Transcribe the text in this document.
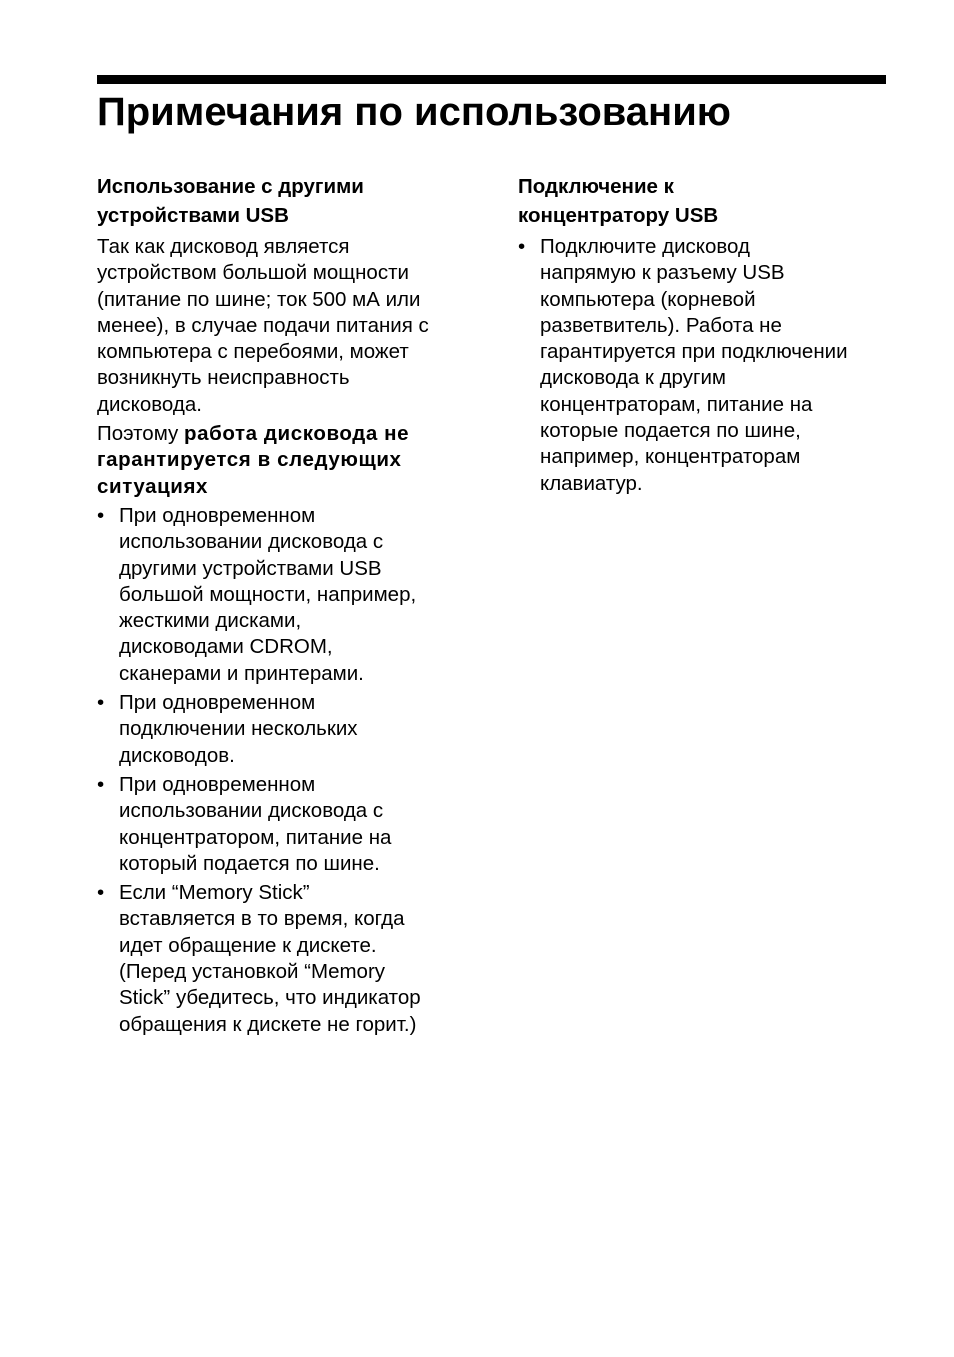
Примечания по использованию
Использование с другими
устройствами USB

Так как дисковод является
устройством большой мощности
(питание по шине; ток 500 мА или
менее), в случае подачи питания с
компьютера с перебоями, может
возникнуть неисправность
дисковода.

Поэтому работа дисковода не
гарантируется в следующих
ситуациях

• При одновременном
использовании дисковода с
другими устройствами USB
большой мощности, например,
жесткими дисками,
дисководами CDROM,
сканерами и принтерами.
• При одновременном
подключении нескольких
дисководов.
• При одновременном
использовании дисковода с
концентратором, питание на
который подается по шине.
• Если “Memory Stick”
вставляется в то время, когда
идет обращение к дискете.
(Перед установкой “Memory
Stick” убедитесь, что индикатор
обращения к дискете не горит.)
Подключение к
концентратору USB
• Подключите дисковод
напрямую к разъему USB
компьютера (корневой
разветвитель). Работа не
гарантируется при подключении
дисковода к другим
концентраторам, питание на
которые подается по шине,
например, концентраторам
клавиатур.
